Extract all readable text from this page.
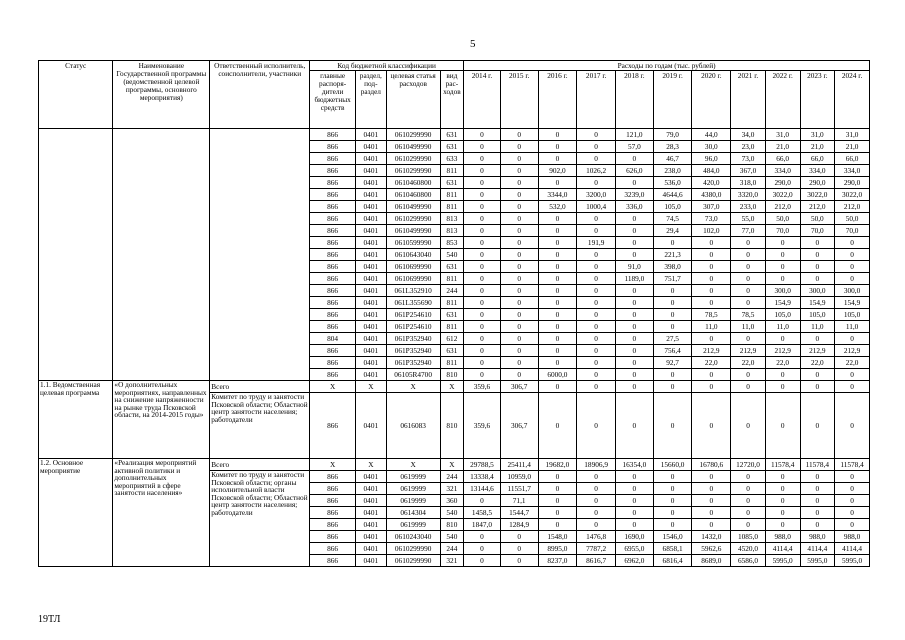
5
Статус	Наименование Государственной программы (ведомственной целевой программы, основного мероприятия)	Ответственный исполнитель, соисполнители, участники	Код бюджетной классификации				Расходы по годам (тыс. рублей)										
			главные распоря-дители бюджетных средств	раздел, под-раздел	целевая статья расходов	вид рас-ходов	2014 г.	2015 г.	2016 г.	2017 г.	2018 г.	2019 г.	2020 г.	2021 г.	2022 г.	2023 г.	2024 г.
			866	0401	0610299990	631	0	0	0	0	121,0	79,0	44,0	34,0	31,0	31,0	31,0
			866	0401	0610499990	631	0	0	0	0	57,0	28,3	30,0	23,0	21,0	21,0	21,0
			866	0401	0610299990	633	0	0	0	0	0	46,7	96,0	73,0	66,0	66,0	66,0
			866	0401	0610299990	811	0	0	902,0	1026,2	626,0	238,0	484,0	367,0	334,0	334,0	334,0
			866	0401	0610460800	631	0	0	0	0	0	536,0	420,0	318,0	290,0	290,0	290,0
			866	0401	0610460800	811	0	0	3344,0	3200,0	3239,0	4644,6	4380,0	3320,0	3022,0	3022,0	3022,0
			866	0401	0610499990	811	0	0	532,0	1000,4	336,0	105,0	307,0	233,0	212,0	212,0	212,0
			866	0401	0610299990	813	0	0	0	0	0	74,5	73,0	55,0	50,0	50,0	50,0
			866	0401	0610499990	813	0	0	0	0	0	29,4	102,0	77,0	70,0	70,0	70,0
			866	0401	0610599990	853	0	0	0	191,9	0	0	0	0	0	0	0
			866	0401	0610643040	540	0	0	0	0	0	221,3	0	0	0	0	0
			866	0401	0610699990	631	0	0	0	0	91,0	398,0	0	0	0	0	0
			866	0401	0610699990	811	0	0	0	0	1189,0	751,7	0	0	0	0	0
			866	0401	061L352910	244	0	0	0	0	0	0	0	0	300,0	300,0	300,0
			866	0401	061L355690	811	0	0	0	0	0	0	0	0	154,9	154,9	154,9
			866	0401	061P254610	631	0	0	0	0	0	0	78,5	78,5	105,0	105,0	105,0
			866	0401	061P254610	811	0	0	0	0	0	0	11,0	11,0	11,0	11,0	11,0
			804	0401	061P352940	612	0	0	0	0	0	27,5	0	0	0	0	0
			866	0401	061P352940	631	0	0	0	0	0	756,4	212,9	212,9	212,9	212,9	212,9
			866	0401	061P352940	811	0	0	0	0	0	92,7	22,0	22,0	22,0	22,0	22,0
			866	0401	06105R4700	810	0	0	6000,0	0	0	0	0	0	0	0	0
1.1. Ведомственная целевая программа	«О дополнительных мероприятиях, направленных на снижение напряженности на рынке труда Псковской области, на 2014-2015 годы»	Всего	X	X	X	X	359,6	306,7	0	0	0	0	0	0	0	0	0
		Комитет по труду и занятости Псковской области; Областной центр занятости населения; работодатели	866	0401	0616083	810	359,6	306,7	0	0	0	0	0	0	0	0	0
1.2. Основное мероприятие	«Реализация мероприятий активной политики и дополнительных мероприятий в сфере занятости населения»	Всего	X	X	X	X	29788,5	25411,4	19682,0	18906,9	16354,0	15660,0	16780,6	12720,0	11578,4	11578,4	11578,4
		Комитет по труду и занятости Псковской области; органы исполнительной власти Псковской области; Областной центр занятости населения; работодатели	866	0401	0619999	244	13338,4	10959,0	0	0	0	0	0	0	0	0	0
			866	0401	0619999	321	13144,6	11551,7	0	0	0	0	0	0	0	0	0
			866	0401	0619999	360	0	71,1	0	0	0	0	0	0	0	0	0
			866	0401	0614304	540	1458,5	1544,7	0	0	0	0	0	0	0	0	0
			866	0401	0619999	810	1847,0	1284,9	0	0	0	0	0	0	0	0	0
			866	0401	0610243040	540	0	0	1548,0	1476,8	1690,0	1546,0	1432,0	1085,0	988,0	988,0	988,0
			866	0401	0610299990	244	0	0	8995,0	7787,2	6955,0	6858,1	5962,6	4520,0	4114,4	4114,4	4114,4
			866	0401	0610299990	321	0	0	8237,0	8616,7	6962,0	6816,4	8689,0	6586,0	5995,0	5995,0	5995,0
19ТЛ
